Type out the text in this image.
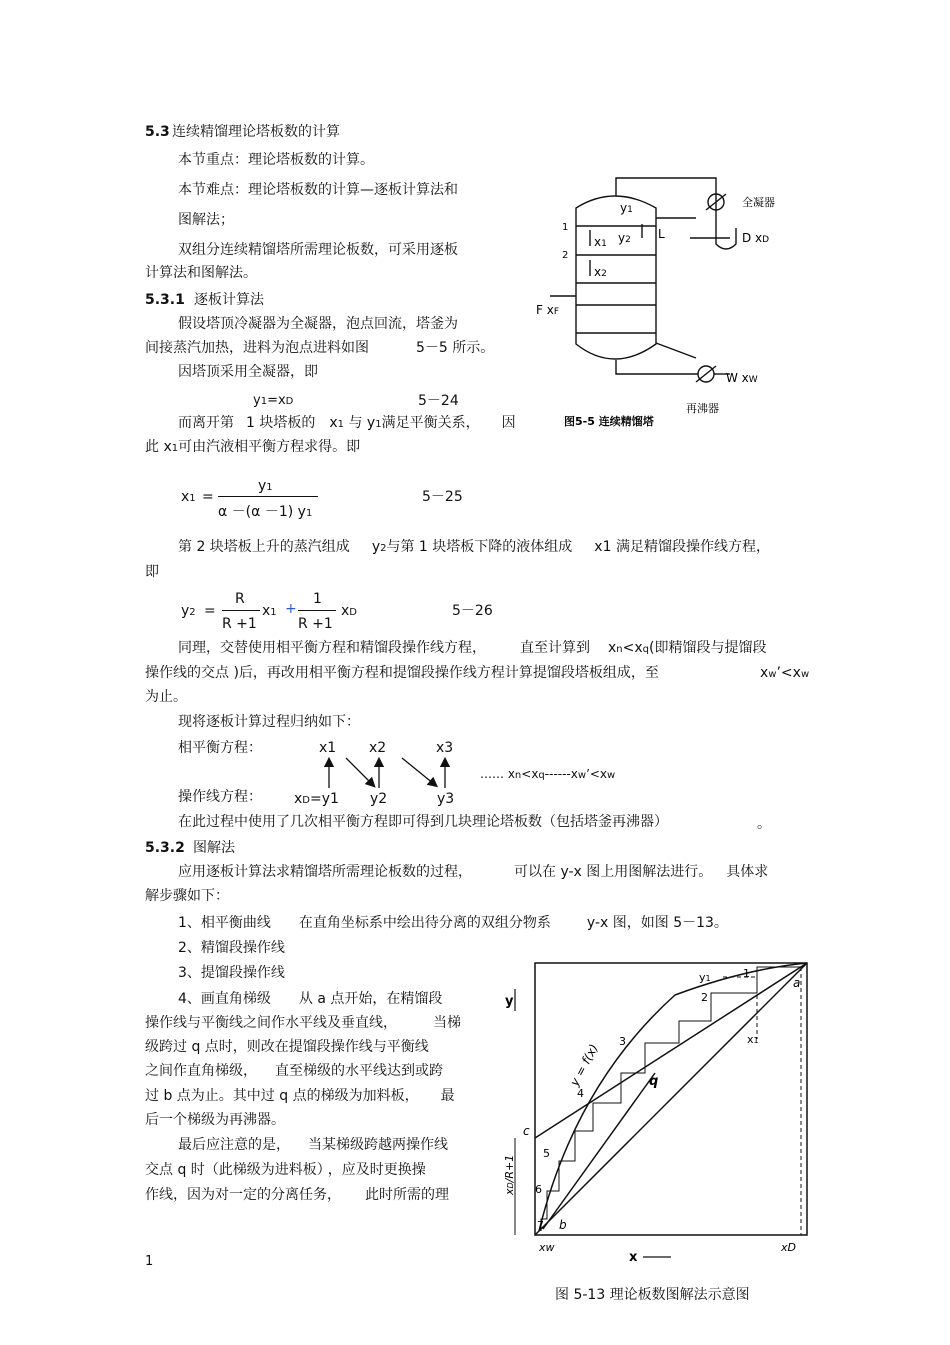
5.3 连续精馏理论塔板数的计算
本节重点：理论塔板数的计算。
本节难点：理论塔板数的计算—逐板计算法和
图解法；
双组分连续精馏塔所需理论板数，可采用逐板
计算法和图解法。
5.3.1 逐板计算法
假设塔顶冷凝器为全凝器，泡点回流，塔釜为
间接蒸汽加热，进料为泡点进料如图	5－5 所示。
因塔顶采用全凝器，即
y1=xD	5－24
而离开第 1 块塔板的 x1 与 y1满足平衡关系， 因
此 x1可由汽液相平衡方程求得。即
x1 =
y1
α －(α －1) y1
5－25
第 2 块塔板上升的蒸汽组成 y2与第 1 块塔板下降的液体组成 x1 满足精馏段操作线方程，
即
y2 =
R
R +1
x1 +
1
R +1
xD	5－26
同理，交替使用相平衡方程和精馏段操作线方程， 直至计算到 xn<xq(即精馏段与提馏段
操作线的交点 )后，再改用相平衡方程和提馏段操作线方程计算提馏段塔板组成，至	xw’<xw
为止。
现将逐板计算过程归纳如下：
相平衡方程：	x1 x2	x3
…… xn<xq------xw’<xw
操作线方程： xD=y1 y2	y3
在此过程中使用了几次相平衡方程即可得到几块理论塔板数（包括塔釜再沸器）	。
5.3.2 图解法
应用逐板计算法求精馏塔所需理论板数的过程，	可以在 y-x 图上用图解法进行。 具体求
解步骤如下：
1、相平衡曲线 在直角坐标系中绘出待分离的双组分物系	y-x 图，如图 5－13。
2、精馏段操作线
3、提馏段操作线
4、画直角梯级 从 a 点开始，在精馏段
操作线与平衡线之间作水平线及垂直线，	当梯
级跨过 q 点时，则改在提馏段操作线与平衡线
之间作直角梯级， 直至梯级的水平线达到或跨
过 b 点为止。其中过 q 点的梯级为加料板， 最
后一个梯级为再沸器。
最后应注意的是， 当某梯级跨越两操作线
交点 q 时（此梯级为进料板） ，应及时更换操
作线，因为对一定的分离任务， 此时所需的理
1
全凝器
y1
x1 y2
x2
L	D xD
F xF
W xW
1
2
再沸器
图5-5 连续精馏塔
y
x
y = f(x)
y1
x1
a
b
c
q
xw	xD
xD/R+1
1
2
3
4
5
6
7
图 5-13 理论板数图解法示意图
